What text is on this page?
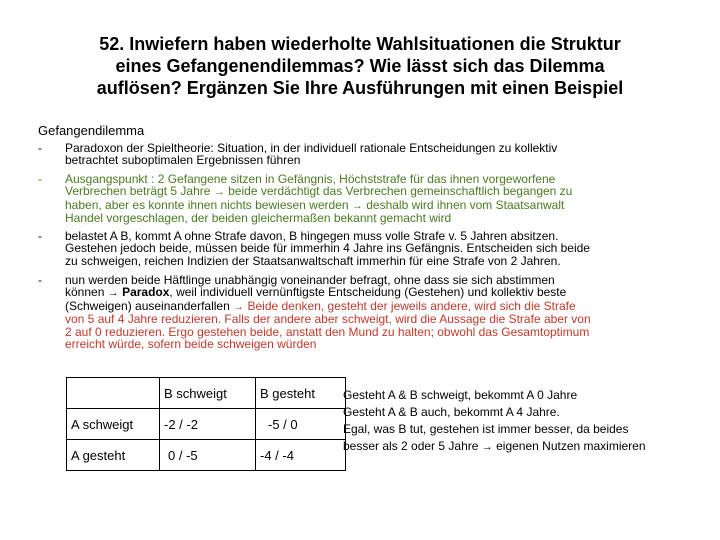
52. Inwiefern haben wiederholte Wahlsituationen die Struktur
eines Gefangenendilemmas? Wie lässt sich das Dilemma
auflösen? Ergänzen Sie Ihre Ausführungen mit einen Beispiel
Gefangendilemma
-	Paradoxon der Spieltheorie: Situation, in der individuell rationale Entscheidungen zu kollektiv
betrachtet suboptimalen Ergebnissen führen
-	Ausgangspunkt : 2 Gefangene sitzen in Gefängnis, Höchststrafe für das ihnen vorgeworfene
Verbrechen beträgt 5 Jahre → beide verdächtigt das Verbrechen gemeinschaftlich begangen zu
haben, aber es konnte ihnen nichts bewiesen werden → deshalb wird ihnen vom Staatsanwalt
Handel vorgeschlagen, der beiden gleichermaßen bekannt gemacht wird
-	belastet A B, kommt A ohne Strafe davon, B hingegen muss volle Strafe v. 5 Jahren absitzen.
Gestehen jedoch beide, müssen beide für immerhin 4 Jahre ins Gefängnis. Entscheiden sich beide
zu schweigen, reichen Indizien der Staatsanwaltschaft immerhin für eine Strafe von 2 Jahren.
-	nun werden beide Häftlinge unabhängig voneinander befragt, ohne dass sie sich abstimmen
können → Paradox, weil individuell vernünftigste Entscheidung (Gestehen) und kollektiv beste
(Schweigen) auseinanderfallen → Beide denken, gesteht der jeweils andere, wird sich die Strafe
von 5 auf 4 Jahre reduzieren. Falls der andere aber schweigt, wird die Aussage die Strafe aber von
2 auf 0 reduzieren. Ergo gestehen beide, anstatt den Mund zu halten; obwohl das Gesamtoptimum
erreicht würde, sofern beide schweigen würden
	B schweigt	B gesteht
A schweigt	-2 / -2	-5 / 0
A gesteht	0 / -5	-4 / -4
Gesteht A & B schweigt, bekommt A 0 Jahre
Gesteht A & B auch, bekommt A 4 Jahre.
Egal, was B tut, gestehen ist immer besser, da beides
besser als 2 oder 5 Jahre → eigenen Nutzen maximieren
